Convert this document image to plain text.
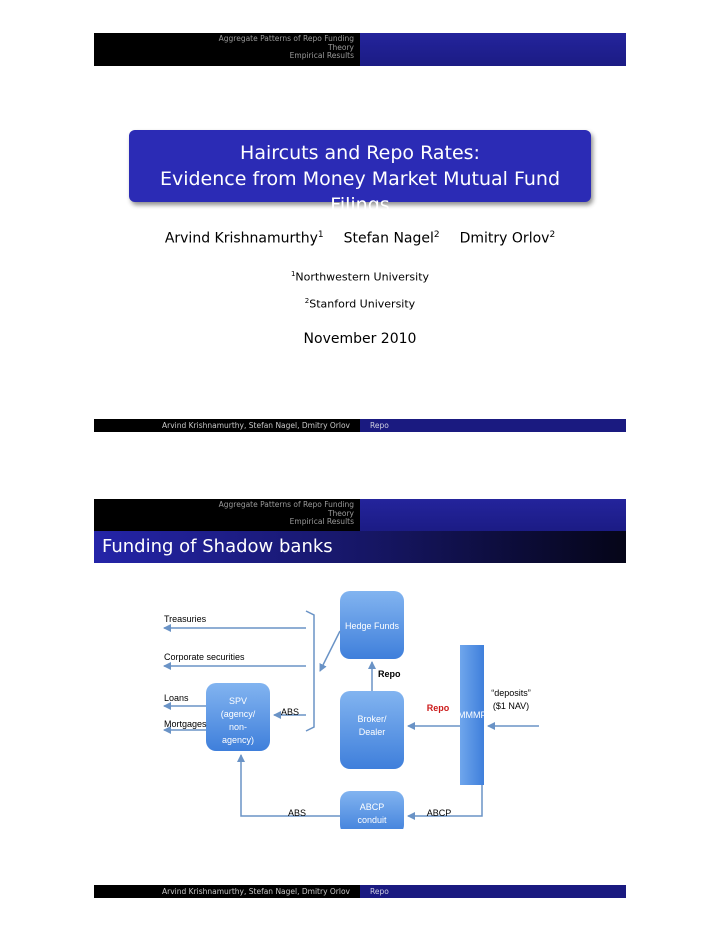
Aggregate Patterns of Repo Funding
Theory
Empirical Results
Haircuts and Repo Rates:
Evidence from Money Market Mutual Fund Filings
Arvind Krishnamurthy$^1$ Stefan Nagel$^2$ Dmitry Orlov$^2$
$^1$Northwestern University
$^2$Stanford University
November 2010
Arvind Krishnamurthy, Stefan Nagel, Dmitry Orlov	Repo
Aggregate Patterns of Repo Funding
Theory
Empirical Results
Funding of Shadow banks
Hedge Funds
SPV
(agency/
non-
agency)
Broker/
Dealer
MMMF
ABCP
conduit
Treasuries
Corporate securities
Loans
Mortgages
ABS
Repo
Repo
“deposits”
($1 NAV)
ABS	ABCP
Arvind Krishnamurthy, Stefan Nagel, Dmitry Orlov	Repo
